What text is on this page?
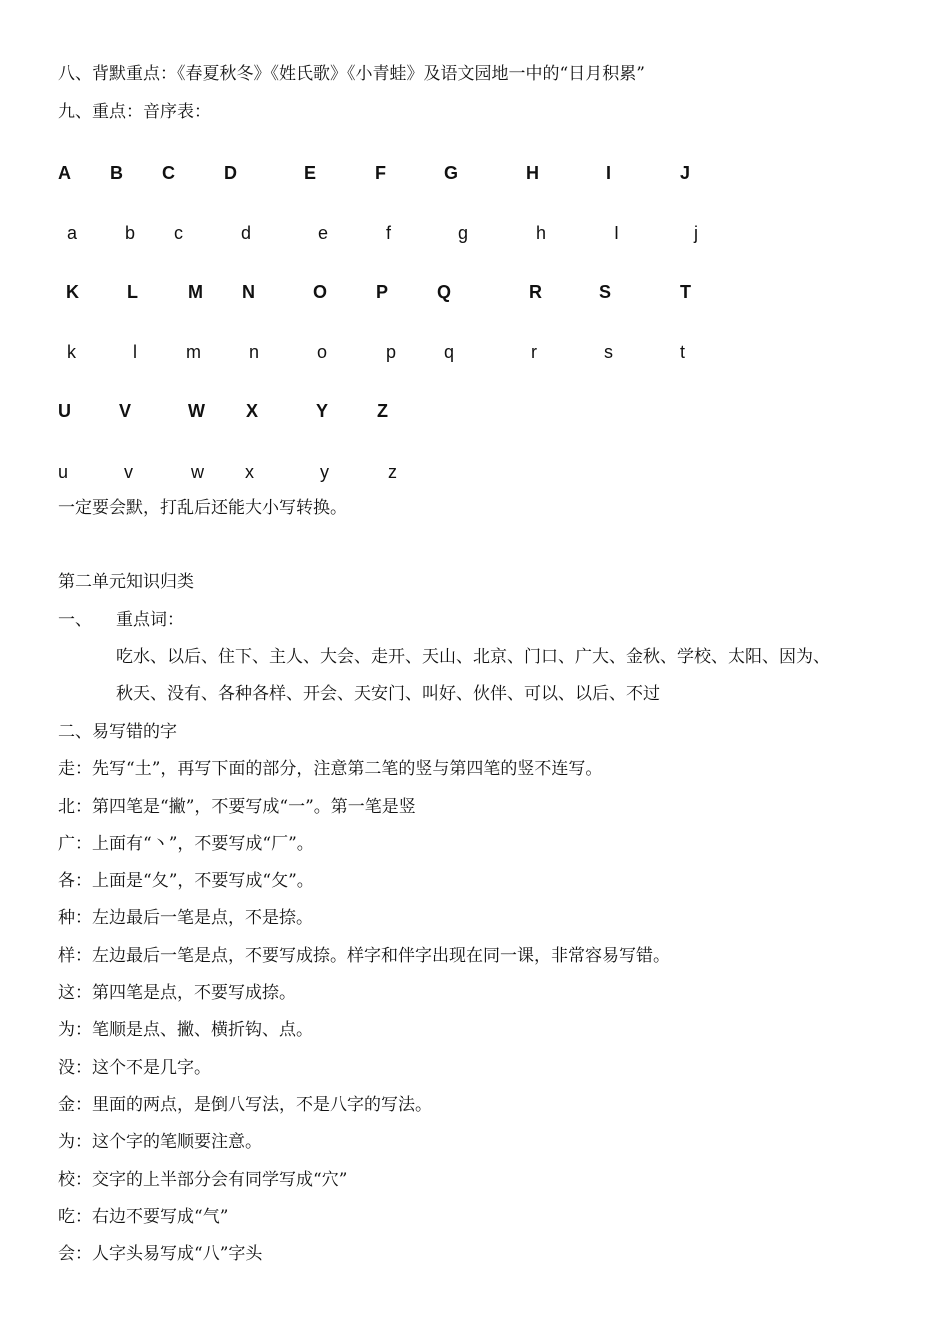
八、背默重点：《春夏秋冬》《姓氏歌》《小青蛙》及语文园地一中的“日月积累”
九、重点：音序表：
A B C	D	E	F	G	H	I	J
a	b c	d	e	f	g	h	I	j
K	L	M N	O	P	Q	R	S	T
k	l	m	n	o	p	q	r	s	t
U	V	W X	Y	Z
u	v	w x	y	z
一定要会默，打乱后还能大小写转换。
第二单元知识归类
一、 重点词：
吃水、以后、住下、主人、大会、走开、天山、北京、门口、广大、金秋、学校、太阳、因为、
秋天、没有、各种各样、开会、天安门、叫好、伙伴、可以、以后、不过
二、易写错的字
走：先写“土”，再写下面的部分，注意第二笔的竖与第四笔的竖不连写。
北：第四笔是“撇”，不要写成“一”。第一笔是竖
广：上面有“丶”，不要写成“厂”。
各：上面是“夂”，不要写成“攵”。
种：左边最后一笔是点，不是捺。
样：左边最后一笔是点，不要写成捺。样字和伴字出现在同一课，非常容易写错。
这：第四笔是点，不要写成捺。
为：笔顺是点、撇、横折钩、点。
没：这个不是几字。
金：里面的两点，是倒八写法，不是八字的写法。
为：这个字的笔顺要注意。
校：交字的上半部分会有同学写成“穴”
吃：右边不要写成“气”
会：人字头易写成“八”字头
